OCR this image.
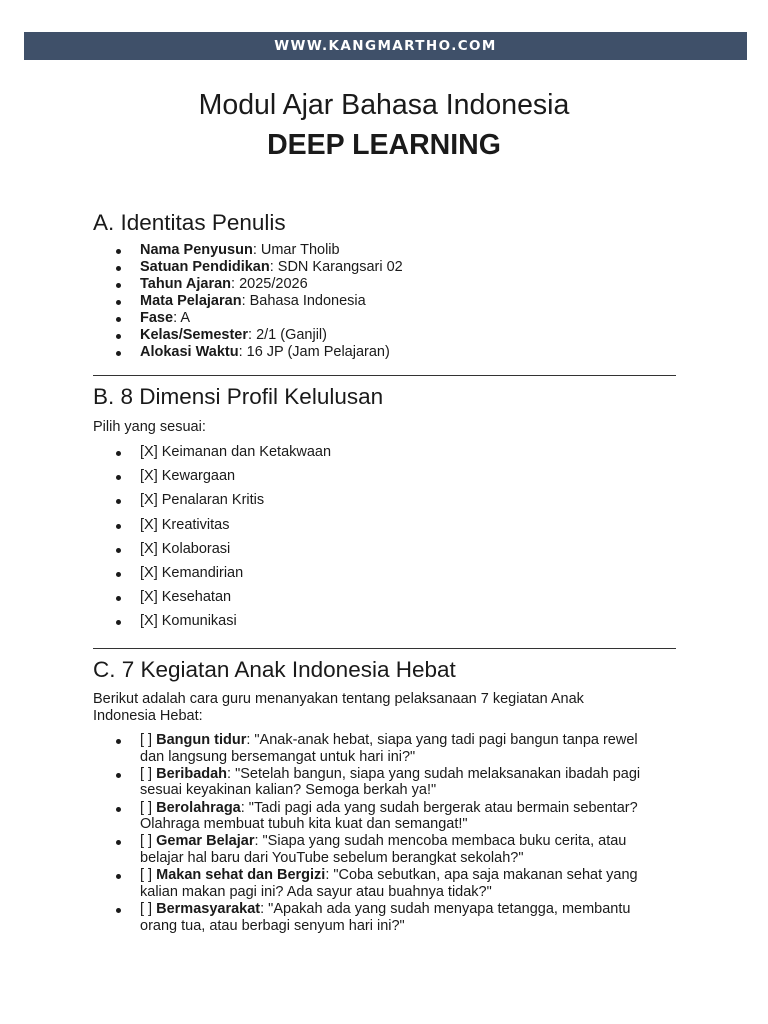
WWW.KANGMARTHO.COM
Modul Ajar Bahasa Indonesia
DEEP LEARNING
A. Identitas Penulis
Nama Penyusun: Umar Tholib
Satuan Pendidikan: SDN Karangsari 02
Tahun Ajaran: 2025/2026
Mata Pelajaran: Bahasa Indonesia
Fase: A
Kelas/Semester: 2/1 (Ganjil)
Alokasi Waktu: 16 JP (Jam Pelajaran)
B. 8 Dimensi Profil Kelulusan

Pilih yang sesuai:

[X] Keimanan dan Ketakwaan
[X] Kewargaan
[X] Penalaran Kritis
[X] Kreativitas
[X] Kolaborasi
[X] Kemandirian
[X] Kesehatan
[X] Komunikasi
C. 7 Kegiatan Anak Indonesia Hebat

Berikut adalah cara guru menanyakan tentang pelaksanaan 7 kegiatan Anak
Indonesia Hebat:

[ ] Bangun tidur: "Anak-anak hebat, siapa yang tadi pagi bangun tanpa rewel
dan langsung bersemangat untuk hari ini?"
[ ] Beribadah: "Setelah bangun, siapa yang sudah melaksanakan ibadah pagi
sesuai keyakinan kalian? Semoga berkah ya!"
[ ] Berolahraga: "Tadi pagi ada yang sudah bergerak atau bermain sebentar?
Olahraga membuat tubuh kita kuat dan semangat!"
[ ] Gemar Belajar: "Siapa yang sudah mencoba membaca buku cerita, atau
belajar hal baru dari YouTube sebelum berangkat sekolah?"
[ ] Makan sehat dan Bergizi: "Coba sebutkan, apa saja makanan sehat yang
kalian makan pagi ini? Ada sayur atau buahnya tidak?"
[ ] Bermasyarakat: "Apakah ada yang sudah menyapa tetangga, membantu
orang tua, atau berbagi senyum hari ini?"
